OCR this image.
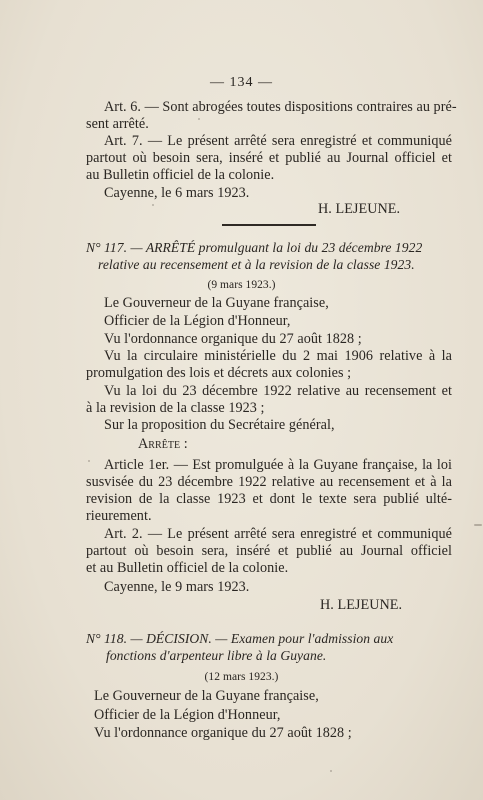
— 134 —
Art. 6. — Sont abrogées toutes dispositions contraires au pré-
sent arrêté.
Art. 7. — Le présent arrêté sera enregistré et communiqué
partout où besoin sera, inséré et publié au Journal officiel et
au Bulletin officiel de la colonie.
Cayenne, le 6 mars 1923.
H. LEJEUNE.
N° 117. — ARRÊTÉ promulguant la loi du 23 décembre 1922
relative au recensement et à la revision de la classe 1923.
(9 mars 1923.)
Le Gouverneur de la Guyane française,
Officier de la Légion d'Honneur,
Vu l'ordonnance organique du 27 août 1828 ;
Vu la circulaire ministérielle du 2 mai 1906 relative à la
promulgation des lois et décrets aux colonies ;
Vu la loi du 23 décembre 1922 relative au recensement et
à la revision de la classe 1923 ;
Sur la proposition du Secrétaire général,
Arrête :
Article 1er. — Est promulguée à la Guyane française, la loi
susvisée du 23 décembre 1922 relative au recensement et à la
revision de la classe 1923 et dont le texte sera publié ulté-
rieurement.
Art. 2. — Le présent arrêté sera enregistré et communiqué
partout où besoin sera, inséré et publié au Journal officiel
et au Bulletin officiel de la colonie.
Cayenne, le 9 mars 1923.
H. LEJEUNE.
N° 118. — DÉCISION. — Examen pour l'admission aux
fonctions d'arpenteur libre à la Guyane.
(12 mars 1923.)
Le Gouverneur de la Guyane française,
Officier de la Légion d'Honneur,
Vu l'ordonnance organique du 27 août 1828 ;
